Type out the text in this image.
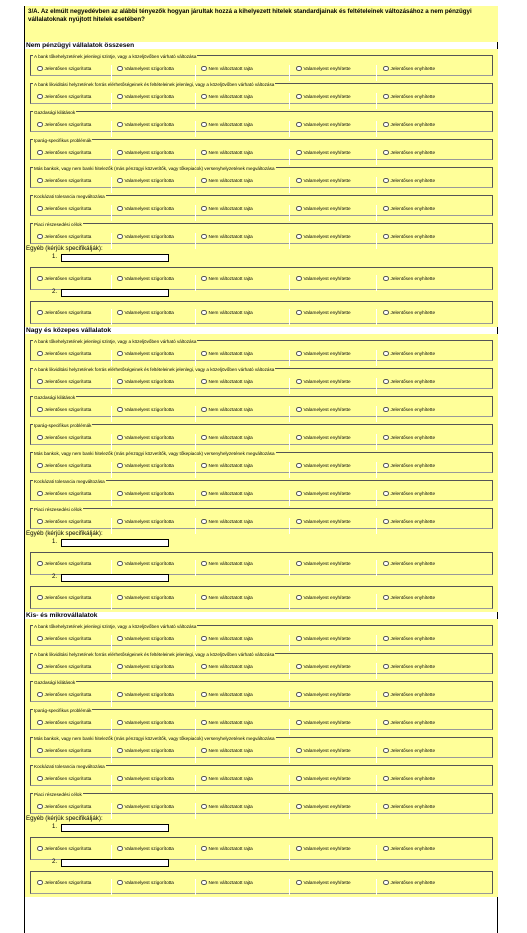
3/A. Az elmúlt negyedévben az alábbi tényezők hogyan járultak hozzá a kihelyezett hitelek standardjainak és feltételeinek változásához a nem pénzügyi vállalatoknak nyújtott hitelek esetében?
Nem pénzügyi vállalatok összesen
A bank tőkehelyzetének jelenlegi szintje, vagy a közeljövőben várható változása
Jelentősen szigorította	Valamelyest szigorította	Nem változtatott rajta	Valamelyest enyhítette	Jelentősen enyhítette
A bank likviditási helyzetének forrás elérhetőségeinek és feltételeinek jelenlegi, vagy a közeljövőben várható változása
Jelentősen szigorította	Valamelyest szigorította	Nem változtatott rajta	Valamelyest enyhítette	Jelentősen enyhítette
Gazdasági kilátások
Jelentősen szigorította	Valamelyest szigorította	Nem változtatott rajta	Valamelyest enyhítette	Jelentősen enyhítette
Iparág-specifikus problémák
Jelentősen szigorította	Valamelyest szigorította	Nem változtatott rajta	Valamelyest enyhítette	Jelentősen enyhítette
Más bankok, vagy nem banki hitelezők (más pénzügyi közvetítők, vagy tőkepiacok) versenyhelyzetének megváltozása
Jelentősen szigorította	Valamelyest szigorította	Nem változtatott rajta	Valamelyest enyhítette	Jelentősen enyhítette
Kockázati tolerancia megváltozása
Jelentősen szigorította	Valamelyest szigorította	Nem változtatott rajta	Valamelyest enyhítette	Jelentősen enyhítette
Piaci részesedési célok
Jelentősen szigorította	Valamelyest szigorította	Nem változtatott rajta	Valamelyest enyhítette	Jelentősen enyhítette
Egyéb (kérjük specifikálják):
1.
Jelentősen szigorította	Valamelyest szigorította	Nem változtatott rajta	Valamelyest enyhítette	Jelentősen enyhítette
2.
Jelentősen szigorította	Valamelyest szigorította	Nem változtatott rajta	Valamelyest enyhítette	Jelentősen enyhítette
Nagy és közepes vállalatok
A bank tőkehelyzetének jelenlegi szintje, vagy a közeljövőben várható változása
Jelentősen szigorította	Valamelyest szigorította	Nem változtatott rajta	Valamelyest enyhítette	Jelentősen enyhítette
A bank likviditási helyzetének forrás elérhetőségeinek és feltételeinek jelenlegi, vagy a közeljövőben várható változása
Jelentősen szigorította	Valamelyest szigorította	Nem változtatott rajta	Valamelyest enyhítette	Jelentősen enyhítette
Gazdasági kilátások
Jelentősen szigorította	Valamelyest szigorította	Nem változtatott rajta	Valamelyest enyhítette	Jelentősen enyhítette
Iparág-specifikus problémák
Jelentősen szigorította	Valamelyest szigorította	Nem változtatott rajta	Valamelyest enyhítette	Jelentősen enyhítette
Más bankok, vagy nem banki hitelezők (más pénzügyi közvetítők, vagy tőkepiacok) versenyhelyzetének megváltozása
Jelentősen szigorította	Valamelyest szigorította	Nem változtatott rajta	Valamelyest enyhítette	Jelentősen enyhítette
Kockázati tolerancia megváltozása
Jelentősen szigorította	Valamelyest szigorította	Nem változtatott rajta	Valamelyest enyhítette	Jelentősen enyhítette
Piaci részesedési célok
Jelentősen szigorította	Valamelyest szigorította	Nem változtatott rajta	Valamelyest enyhítette	Jelentősen enyhítette
Egyéb (kérjük specifikálják):
1.
Jelentősen szigorította	Valamelyest szigorította	Nem változtatott rajta	Valamelyest enyhítette	Jelentősen enyhítette
2.
Jelentősen szigorította	Valamelyest szigorította	Nem változtatott rajta	Valamelyest enyhítette	Jelentősen enyhítette
Kis- és mikrovállalatok
A bank tőkehelyzetének jelenlegi szintje, vagy a közeljövőben várható változása
Jelentősen szigorította	Valamelyest szigorította	Nem változtatott rajta	Valamelyest enyhítette	Jelentősen enyhítette
A bank likviditási helyzetének forrás elérhetőségeinek és feltételeinek jelenlegi, vagy a közeljövőben várható változása
Jelentősen szigorította	Valamelyest szigorította	Nem változtatott rajta	Valamelyest enyhítette	Jelentősen enyhítette
Gazdasági kilátások
Jelentősen szigorította	Valamelyest szigorította	Nem változtatott rajta	Valamelyest enyhítette	Jelentősen enyhítette
Iparág-specifikus problémák
Jelentősen szigorította	Valamelyest szigorította	Nem változtatott rajta	Valamelyest enyhítette	Jelentősen enyhítette
Más bankok, vagy nem banki hitelezők (más pénzügyi közvetítők, vagy tőkepiacok) versenyhelyzetének megváltozása
Jelentősen szigorította	Valamelyest szigorította	Nem változtatott rajta	Valamelyest enyhítette	Jelentősen enyhítette
Kockázati tolerancia megváltozása
Jelentősen szigorította	Valamelyest szigorította	Nem változtatott rajta	Valamelyest enyhítette	Jelentősen enyhítette
Piaci részesedési célok
Jelentősen szigorította	Valamelyest szigorította	Nem változtatott rajta	Valamelyest enyhítette	Jelentősen enyhítette
Egyéb (kérjük specifikálják):
1.
Jelentősen szigorította	Valamelyest szigorította	Nem változtatott rajta	Valamelyest enyhítette	Jelentősen enyhítette
2.
Jelentősen szigorította	Valamelyest szigorította	Nem változtatott rajta	Valamelyest enyhítette	Jelentősen enyhítette
